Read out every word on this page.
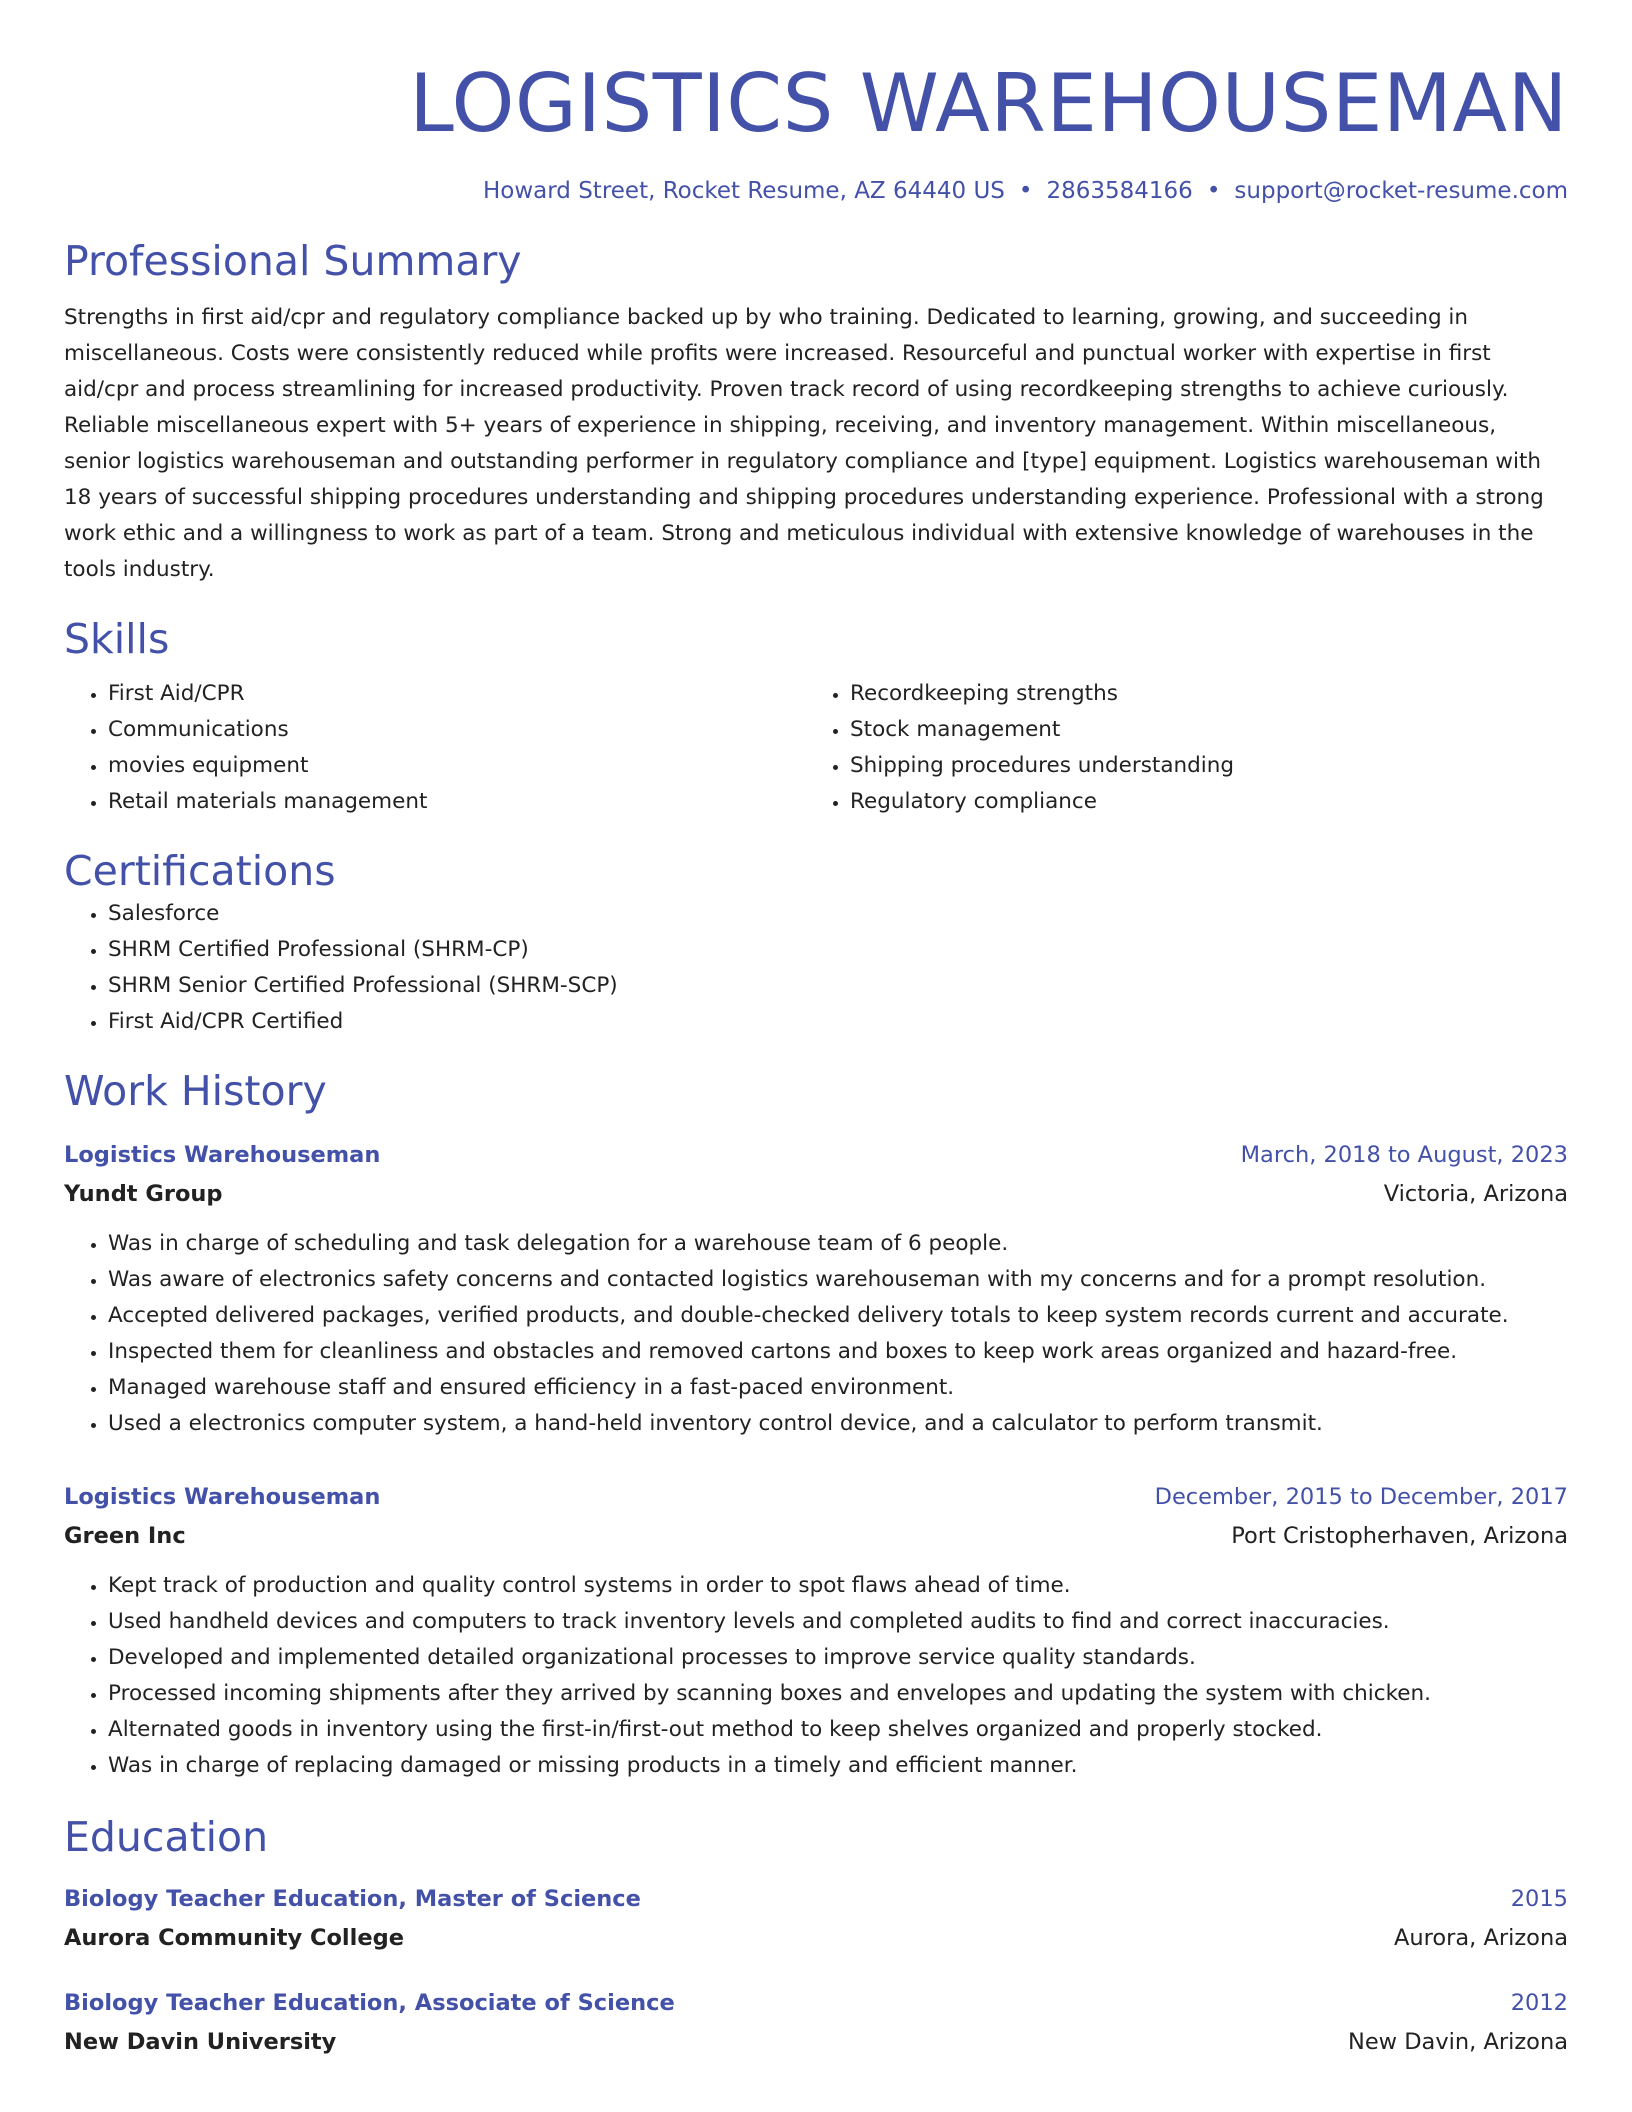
LOGISTICS WAREHOUSEMAN
Howard Street, Rocket Resume, AZ 64440 US • 2863584166 • support@rocket-resume.com
Professional Summary

Strengths in first aid/cpr and regulatory compliance backed up by who training. Dedicated to learning, growing, and succeeding in miscellaneous. Costs were consistently reduced while profits were increased. Resourceful and punctual worker with expertise in first aid/cpr and process streamlining for increased productivity. Proven track record of using recordkeeping strengths to achieve curiously. Reliable miscellaneous expert with 5+ years of experience in shipping, receiving, and inventory management. Within miscellaneous, senior logistics warehouseman and outstanding performer in regulatory compliance and [type] equipment. Logistics warehouseman with 18 years of successful shipping procedures understanding and shipping procedures understanding experience. Professional with a strong work ethic and a willingness to work as part of a team. Strong and meticulous individual with extensive knowledge of warehouses in the tools industry.

Skills
• First Aid/CPR
• Communications
• movies equipment
• Retail materials management
• Recordkeeping strengths
• Stock management
• Shipping procedures understanding
• Regulatory compliance
Certifications
• Salesforce
• SHRM Certified Professional (SHRM-CP)
• SHRM Senior Certified Professional (SHRM-SCP)
• First Aid/CPR Certified
Work History
Logistics Warehouseman	March, 2018 to August, 2023
Yundt Group	Victoria, Arizona
• Was in charge of scheduling and task delegation for a warehouse team of 6 people.
• Was aware of electronics safety concerns and contacted logistics warehouseman with my concerns and for a prompt resolution.
• Accepted delivered packages, verified products, and double-checked delivery totals to keep system records current and accurate.
• Inspected them for cleanliness and obstacles and removed cartons and boxes to keep work areas organized and hazard-free.
• Managed warehouse staff and ensured efficiency in a fast-paced environment.
• Used a electronics computer system, a hand-held inventory control device, and a calculator to perform transmit.
Logistics Warehouseman	December, 2015 to December, 2017
Green Inc	Port Cristopherhaven, Arizona
• Kept track of production and quality control systems in order to spot flaws ahead of time.
• Used handheld devices and computers to track inventory levels and completed audits to find and correct inaccuracies.
• Developed and implemented detailed organizational processes to improve service quality standards.
• Processed incoming shipments after they arrived by scanning boxes and envelopes and updating the system with chicken.
• Alternated goods in inventory using the first-in/first-out method to keep shelves organized and properly stocked.
• Was in charge of replacing damaged or missing products in a timely and efficient manner.
Education
Biology Teacher Education, Master of Science	2015
Aurora Community College	Aurora, Arizona
Biology Teacher Education, Associate of Science	2012
New Davin University	New Davin, Arizona
